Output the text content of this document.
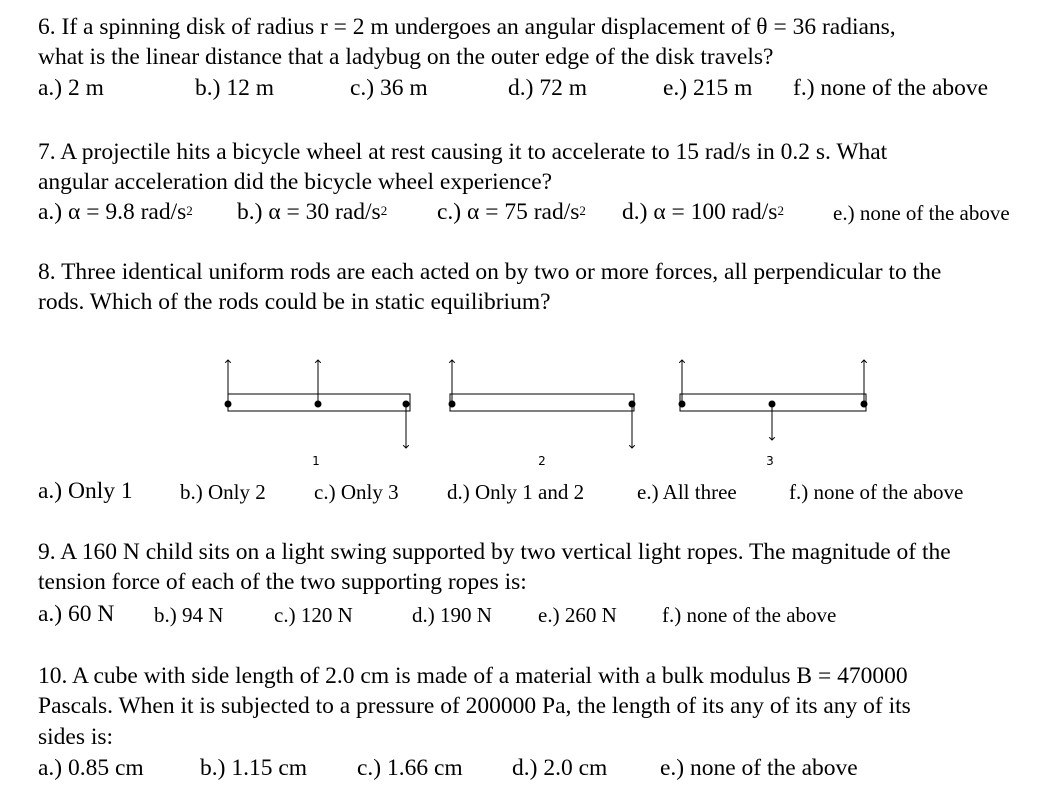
6. If a spinning disk of radius r = 2 m undergoes an angular displacement of θ = 36 radians,
what is the linear distance that a ladybug on the outer edge of the disk travels?
a.) 2 m	b.) 12 m	c.) 36 m	d.) 72 m	e.) 215 m f.) none of the above
7. A projectile hits a bicycle wheel at rest causing it to accelerate to 15 rad/s in 0.2 s. What
angular acceleration did the bicycle wheel experience?
a.) α = 9.8 rad/$s^2$ b.) α = 30 rad/$s^2$ c.) α = 75 rad/$s^2$ d.) α = 100 rad/$s^2$ e.) none of the above
8. Three identical uniform rods are each acted on by two or more forces, all perpendicular to the
rods. Which of the rods could be in static equilibrium?
1	2	3
a.) Only 1 b.) Only 2 c.) Only 3 d.) Only 1 and 2	e.) All three f.) none of the above
9. A 160 N child sits on a light swing supported by two vertical light ropes. The magnitude of the
tension force of each of the two supporting ropes is:
a.) 60 N b.) 94 N c.) 120 N	d.) 190 N e.) 260 N f.) none of the above
10. A cube with side length of 2.0 cm is made of a material with a bulk modulus B = 470000
Pascals. When it is subjected to a pressure of 200000 Pa, the length of its any of its any of its
sides is:
a.) 0.85 cm b.) 1.15 cm c.) 1.66 cm d.) 2.0 cm e.) none of the above
